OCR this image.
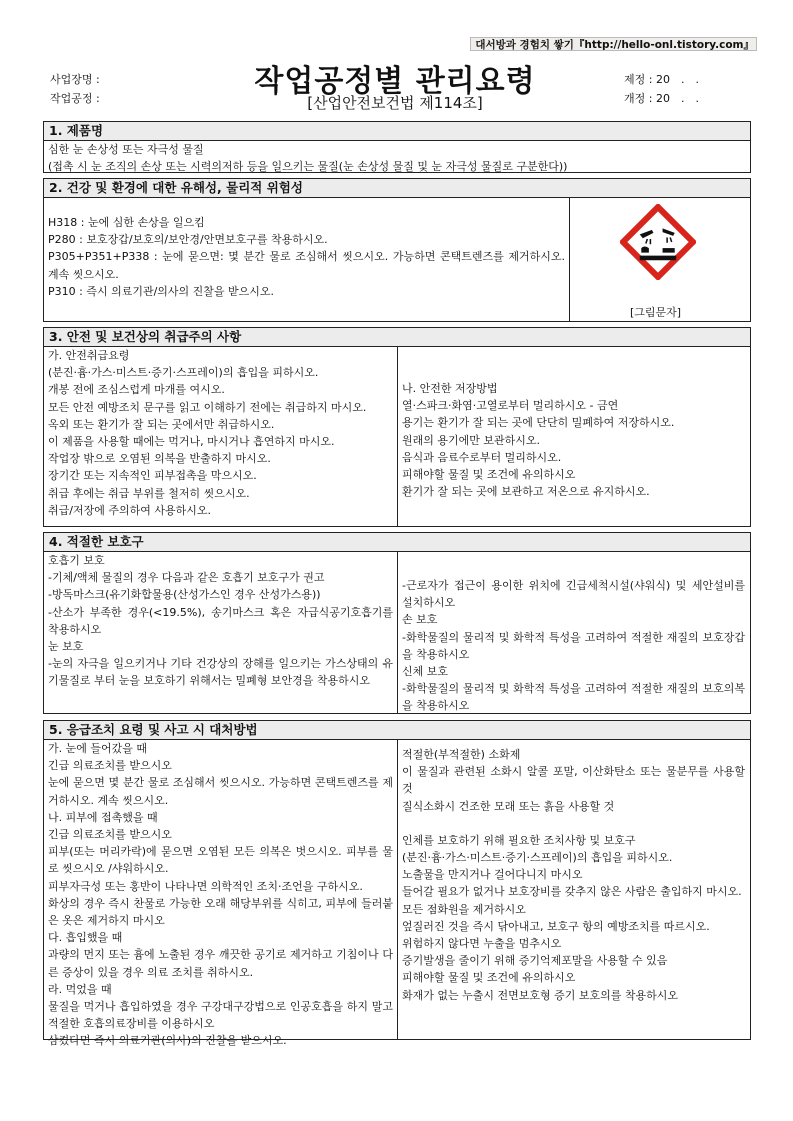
대서방과 경험치 쌓기『http://hello-onl.tistory.com』
사업장명 :
작업공정 :	작업공정별 관리요령
[산업안전보건법 제114조]
제정 : 20　.　.
개정 : 20　.　.
1. 제품명
심한 눈 손상성 또는 자극성 물질
(접촉 시 눈 조직의 손상 또는 시력의저하 등을 일으키는 물질(눈 손상성 물질 및 눈 자극성 물질로 구분한다))
2. 건강 및 환경에 대한 유해성, 물리적 위험성
H318 : 눈에 심한 손상을 일으킴
P280 : 보호장갑/보호의/보안경/안면보호구를 착용하시오.
P305+P351+P338 : 눈에 묻으면: 몇 분간 물로 조심해서 씻으시오. 가능하면 콘택트렌즈를 제거하시오. 계속 씻으시오.
P310 : 즉시 의료기관/의사의 진찰을 받으시오.
[그림문자]
3. 안전 및 보건상의 취급주의 사항
가. 안전취급요령
(분진·흄·가스·미스트·증기·스프레이)의 흡입을 피하시오.
개봉 전에 조심스럽게 마개를 여시오.
모든 안전 예방조치 문구를 읽고 이해하기 전에는 취급하지 마시오.
옥외 또는 환기가 잘 되는 곳에서만 취급하시오.
이 제품을 사용할 때에는 먹거나, 마시거나 흡연하지 마시오.
작업장 밖으로 오염된 의복을 반출하지 마시오.
장기간 또는 지속적인 피부접촉을 막으시오.
취급 후에는 취급 부위를 철저히 씻으시오.
취급/저장에 주의하여 사용하시오.
나. 안전한 저장방법
열·스파크·화염·고열로부터 멀리하시오 - 금연
용기는 환기가 잘 되는 곳에 단단히 밀폐하여 저장하시오.
원래의 용기에만 보관하시오.
음식과 음료수로부터 멀리하시오.
피해야할 물질 및 조건에 유의하시오
환기가 잘 되는 곳에 보관하고 저온으로 유지하시오.
4. 적절한 보호구
호흡기 보호
-기체/액체 물질의 경우 다음과 같은 호흡기 보호구가 권고
-방독마스크(유기화합물용(산성가스인 경우 산성가스용))
-산소가 부족한 경우(<19.5%), 송기마스크 혹은 자급식공기호흡기를 착용하시오
눈 보호
-눈의 자극을 일으키거나 기타 건강상의 장해를 일으키는 가스상태의 유기물질로 부터 눈을 보호하기 위해서는 밀폐형 보안경을 착용하시오
-근로자가 접근이 용이한 위치에 긴급세척시설(샤워식) 및 세안설비를 설치하시오
손 보호
-화학물질의 물리적 및 화학적 특성을 고려하여 적절한 재질의 보호장갑을 착용하시오
신체 보호
-화학물질의 물리적 및 화학적 특성을 고려하여 적절한 재질의 보호의복을 착용하시오
5. 응급조치 요령 및 사고 시 대처방법
가. 눈에 들어갔을 때
긴급 의료조치를 받으시오
눈에 묻으면 몇 분간 물로 조심해서 씻으시오. 가능하면 콘택트렌즈를 제거하시오. 계속 씻으시오.
나. 피부에 접촉했을 때
긴급 의료조치를 받으시오
피부(또는 머리카락)에 묻으면 오염된 모든 의복은 벗으시오. 피부를 물로 씻으시오 /샤워하시오.
피부자극성 또는 홍반이 나타나면 의학적인 조치·조언을 구하시오.
화상의 경우 즉시 찬물로 가능한 오래 해당부위를 식히고, 피부에 들러붙은 옷은 제거하지 마시오
다. 흡입했을 때
과량의 먼지 또는 흄에 노출된 경우 깨끗한 공기로 제거하고 기침이나 다른 증상이 있을 경우 의료 조치를 취하시오.
라. 먹었을 때
물질을 먹거나 흡입하였을 경우 구강대구강법으로 인공호흡을 하지 말고 적절한 호흡의료장비를 이용하시오
삼켰다면 즉시 의료기관(의사)의 진찰을 받으시오.
적절한(부적절한) 소화제
이 물질과 관련된 소화시 알콜 포말, 이산화탄소 또는 물분무를 사용할 것
질식소화시 건조한 모래 또는 흙을 사용할 것
인체를 보호하기 위해 필요한 조치사항 및 보호구
(분진·흄·가스·미스트·증기·스프레이)의 흡입을 피하시오.
노출물을 만지거나 걸어다니지 마시오
들어갈 필요가 없거나 보호장비를 갖추지 않은 사람은 출입하지 마시오.
모든 점화원을 제거하시오
엎질러진 것을 즉시 닦아내고, 보호구 항의 예방조치를 따르시오.
위험하지 않다면 누출을 멈추시오
증기발생을 줄이기 위해 증기억제포말을 사용할 수 있음
피해야할 물질 및 조건에 유의하시오
화재가 없는 누출시 전면보호형 증기 보호의를 착용하시오
